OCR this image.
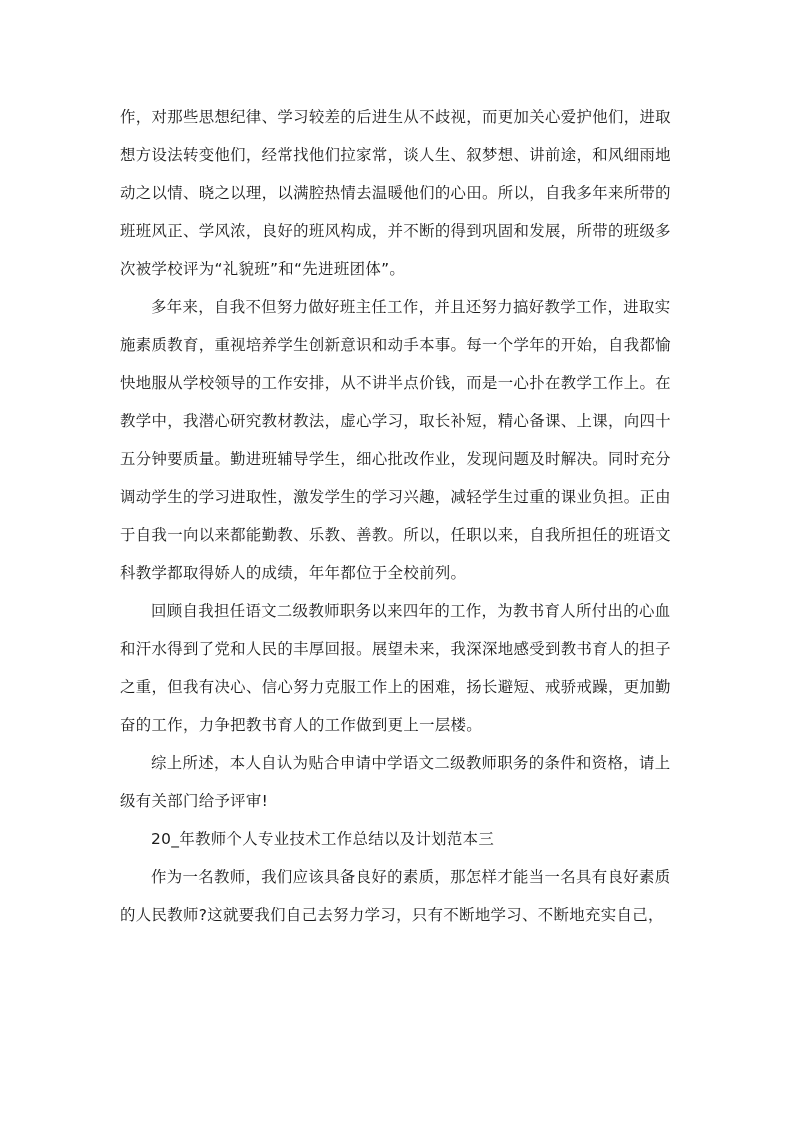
作，对那些思想纪律、学习较差的后进生从不歧视，而更加关心爱护他们，进取
想方设法转变他们，经常找他们拉家常，谈人生、叙梦想、讲前途，和风细雨地
动之以情、晓之以理，以满腔热情去温暖他们的心田。所以，自我多年来所带的
班班风正、学风浓，良好的班风构成，并不断的得到巩固和发展，所带的班级多
次被学校评为“礼貌班”和“先进班团体”。
多年来，自我不但努力做好班主任工作，并且还努力搞好教学工作，进取实
施素质教育，重视培养学生创新意识和动手本事。每一个学年的开始，自我都愉
快地服从学校领导的工作安排，从不讲半点价钱，而是一心扑在教学工作上。在
教学中，我潜心研究教材教法，虚心学习，取长补短，精心备课、上课，向四十
五分钟要质量。勤进班辅导学生，细心批改作业，发现问题及时解决。同时充分
调动学生的学习进取性，激发学生的学习兴趣，减轻学生过重的课业负担。正由
于自我一向以来都能勤教、乐教、善教。所以，任职以来，自我所担任的班语文
科教学都取得娇人的成绩，年年都位于全校前列。
回顾自我担任语文二级教师职务以来四年的工作，为教书育人所付出的心血
和汗水得到了党和人民的丰厚回报。展望未来，我深深地感受到教书育人的担子
之重，但我有决心、信心努力克服工作上的困难，扬长避短、戒骄戒躁，更加勤
奋的工作，力争把教书育人的工作做到更上一层楼。
综上所述，本人自认为贴合申请中学语文二级教师职务的条件和资格，请上
级有关部门给予评审!
20_年教师个人专业技术工作总结以及计划范本三
作为一名教师，我们应该具备良好的素质，那怎样才能当一名具有良好素质
的人民教师?这就要我们自己去努力学习，只有不断地学习、不断地充实自己，
